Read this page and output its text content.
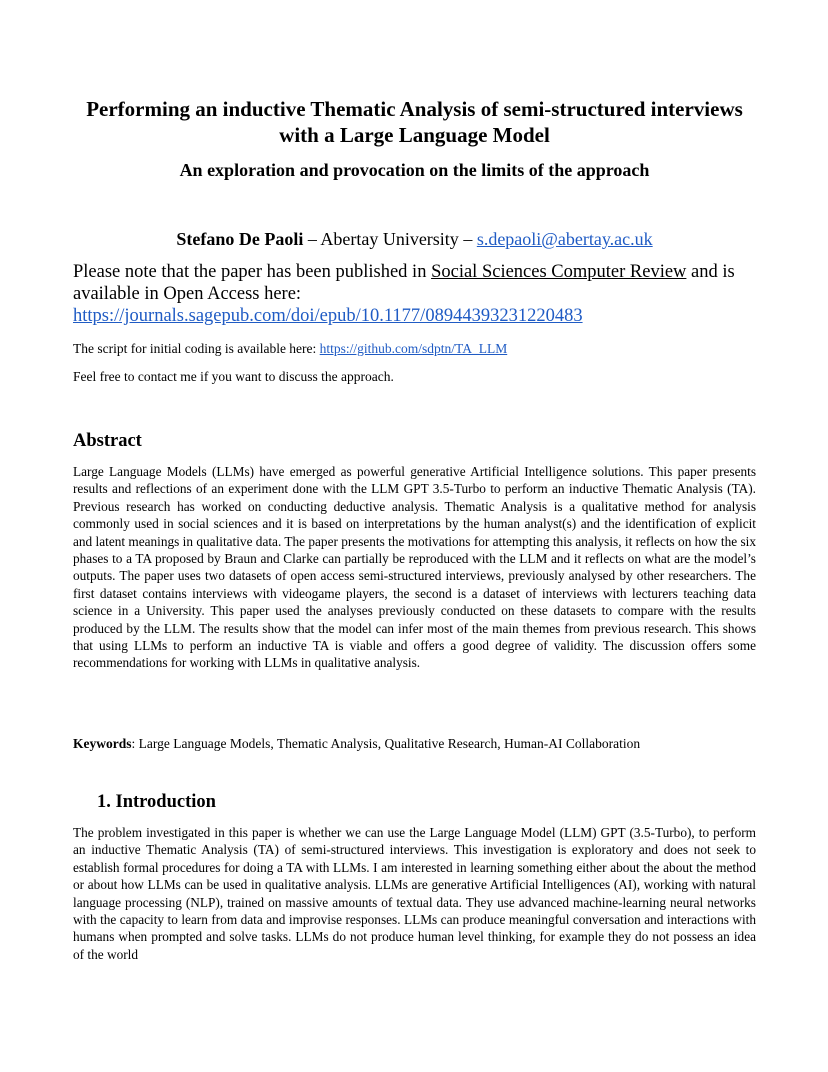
Performing an inductive Thematic Analysis of semi-structured interviews with a Large Language Model
An exploration and provocation on the limits of the approach
Stefano De Paoli – Abertay University – s.depaoli@abertay.ac.uk
Please note that the paper has been published in Social Sciences Computer Review and is available in Open Access here:
https://journals.sagepub.com/doi/epub/10.1177/08944393231220483
The script for initial coding is available here: https://github.com/sdptn/TA_LLM
Feel free to contact me if you want to discuss the approach.
Abstract
Large Language Models (LLMs) have emerged as powerful generative Artificial Intelligence solutions. This paper presents results and reflections of an experiment done with the LLM GPT 3.5-Turbo to perform an inductive Thematic Analysis (TA). Previous research has worked on conducting deductive analysis. Thematic Analysis is a qualitative method for analysis commonly used in social sciences and it is based on interpretations by the human analyst(s) and the identification of explicit and latent meanings in qualitative data. The paper presents the motivations for attempting this analysis, it reflects on how the six phases to a TA proposed by Braun and Clarke can partially be reproduced with the LLM and it reflects on what are the model’s outputs. The paper uses two datasets of open access semi-structured interviews, previously analysed by other researchers. The first dataset contains interviews with videogame players, the second is a dataset of interviews with lecturers teaching data science in a University. This paper used the analyses previously conducted on these datasets to compare with the results produced by the LLM. The results show that the model can infer most of the main themes from previous research. This shows that using LLMs to perform an inductive TA is viable and offers a good degree of validity. The discussion offers some recommendations for working with LLMs in qualitative analysis.
Keywords: Large Language Models, Thematic Analysis, Qualitative Research, Human-AI Collaboration
1. Introduction
The problem investigated in this paper is whether we can use the Large Language Model (LLM) GPT (3.5-Turbo), to perform an inductive Thematic Analysis (TA) of semi-structured interviews. This investigation is exploratory and does not seek to establish formal procedures for doing a TA with LLMs. I am interested in learning something either about the about the method or about how LLMs can be used in qualitative analysis. LLMs are generative Artificial Intelligences (AI), working with natural language processing (NLP), trained on massive amounts of textual data. They use advanced machine-learning neural networks with the capacity to learn from data and improvise responses. LLMs can produce meaningful conversation and interactions with humans when prompted and solve tasks. LLMs do not produce human level thinking, for example they do not possess an idea of the world
